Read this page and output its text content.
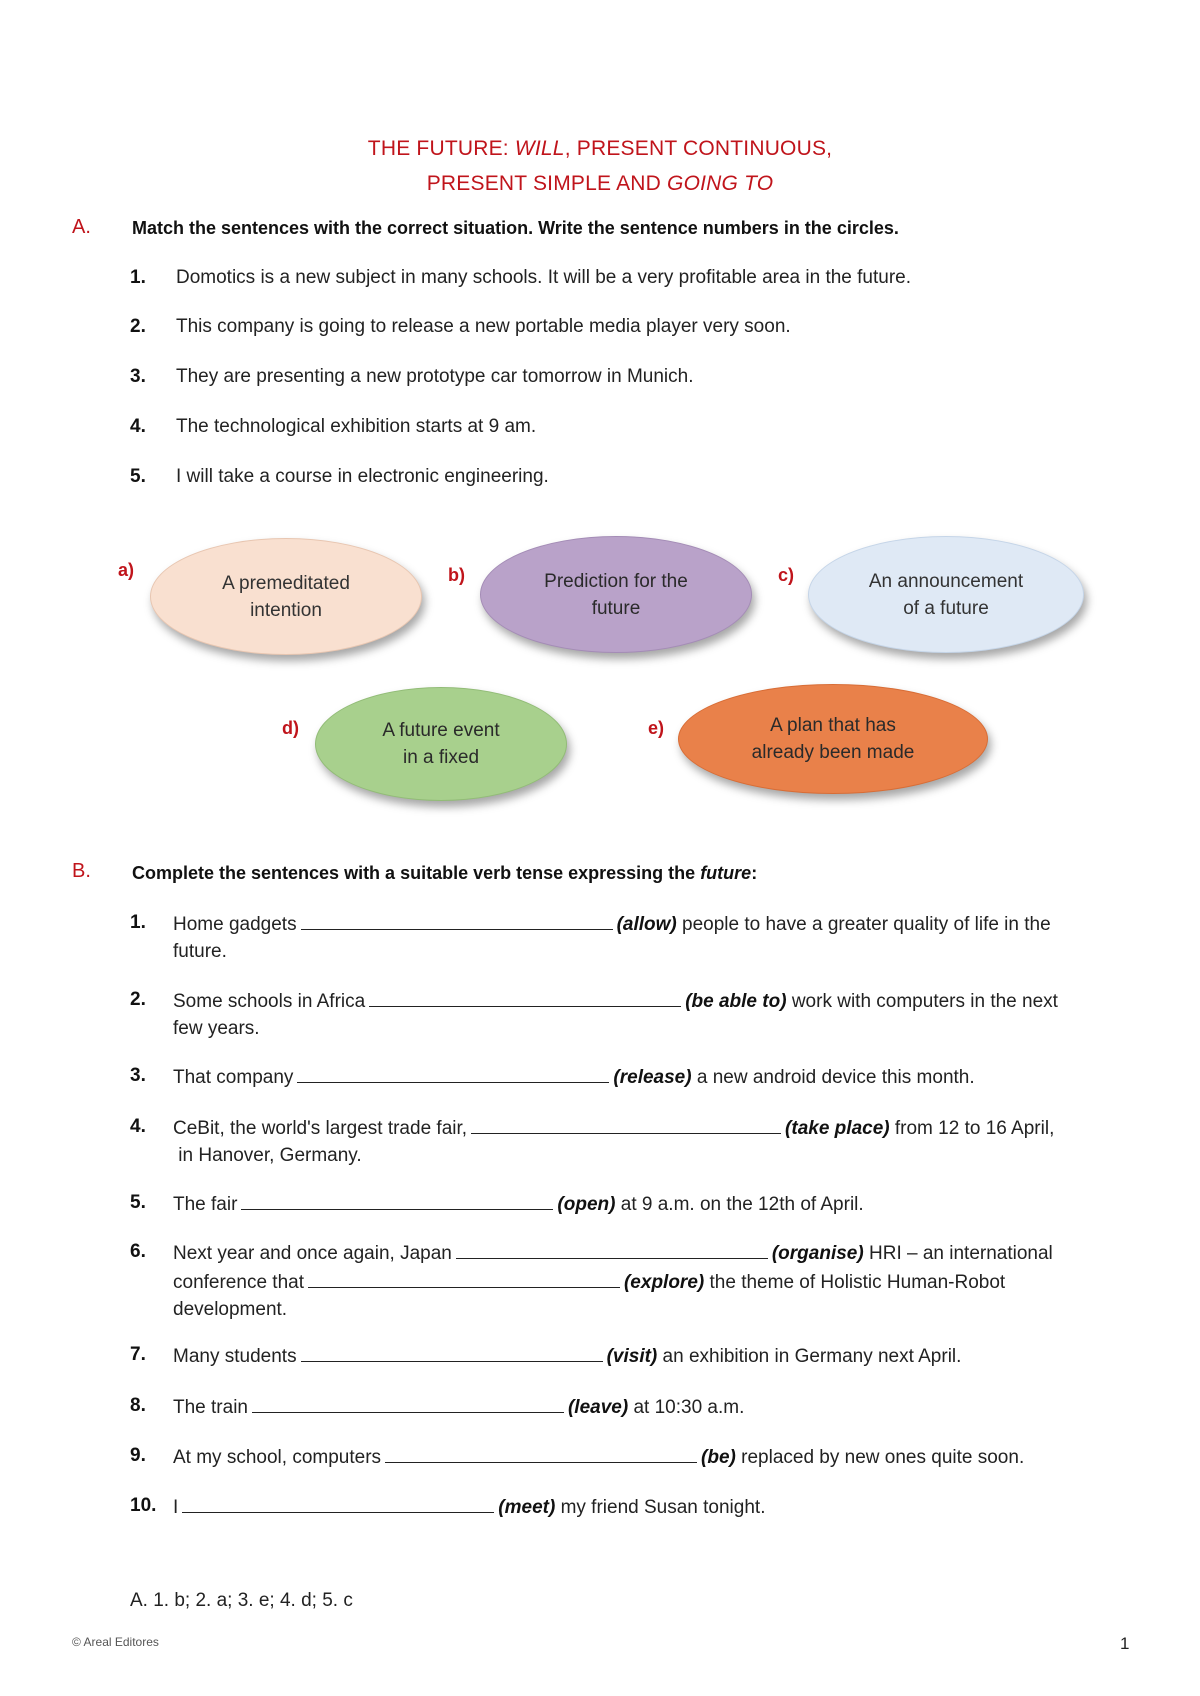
THE FUTURE: WILL, PRESENT CONTINUOUS,
PRESENT SIMPLE AND GOING TO
A. Match the sentences with the correct situation. Write the sentence numbers in the circles.
1. Domotics is a new subject in many schools. It will be a very profitable area in the future.
2. This company is going to release a new portable media player very soon.
3. They are presenting a new prototype car tomorrow in Munich.
4. The technological exhibition starts at 9 am.
5. I will take a course in electronic engineering.
a)
A premeditated
intention
b)	Prediction for the
future
c)	An announcement
of a future
d)	A future event
in a fixed
e)	A plan that has
already been made
B. Complete the sentences with a suitable verb tense expressing the future:
1. Home gadgets	(allow) people to have a greater quality of life in the
future.
2. Some schools in Africa	(be able to) work with computers in the next
few years.
3. That company	(release) a new android device this month.
4. CeBit, the world's largest trade fair,	(take place) from 12 to 16 April,
in Hanover, Germany.
5. The fair	(open) at 9 a.m. on the 12th of April.
6. Next year and once again, Japan	(organise) HRI – an international
conference that	(explore) the theme of Holistic Human-Robot
development.
7. Many students	(visit) an exhibition in Germany next April.
8. The train	(leave) at 10:30 a.m.
9. At my school, computers	(be) replaced by new ones quite soon.
10. I	(meet) my friend Susan tonight.
A. 1. b; 2. a; 3. e; 4. d; 5. c
© Areal Editores	1
